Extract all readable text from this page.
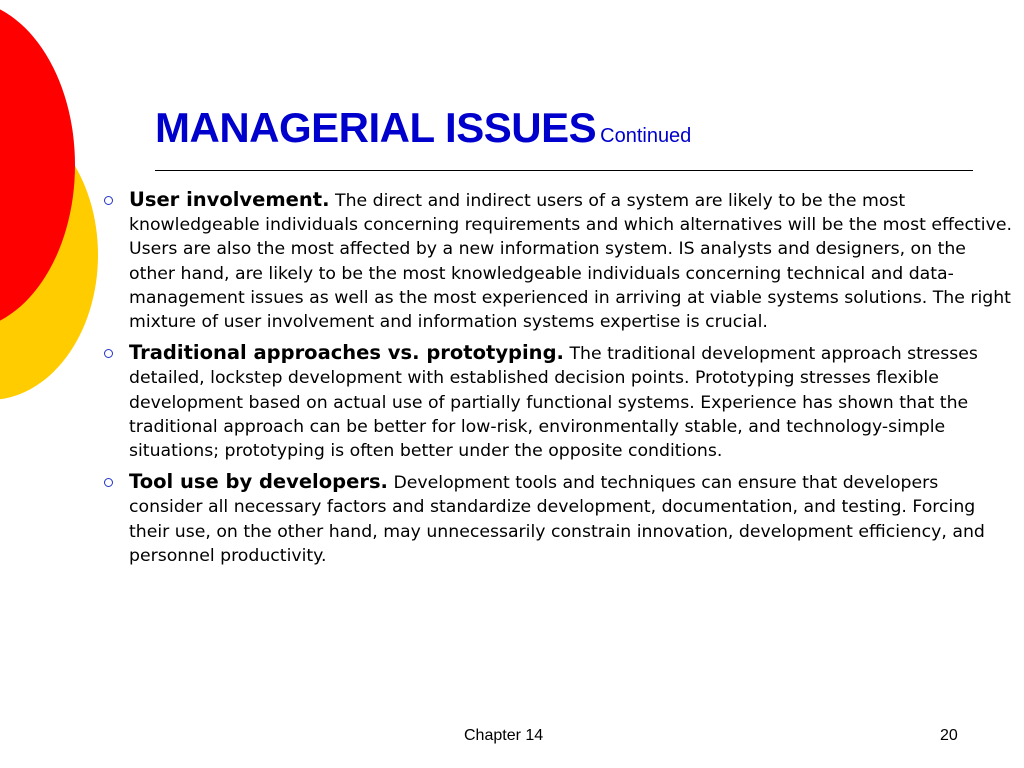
MANAGERIAL ISSUES Continued
User involvement. The direct and indirect users of a system are likely to be the most knowledgeable individuals concerning requirements and which alternatives will be the most effective. Users are also the most affected by a new information system. IS analysts and designers, on the other hand, are likely to be the most knowledgeable individuals concerning technical and data-management issues as well as the most experienced in arriving at viable systems solutions. The right mixture of user involvement and information systems expertise is crucial.
Traditional approaches vs. prototyping. The traditional development approach stresses detailed, lockstep development with established decision points. Prototyping stresses flexible development based on actual use of partially functional systems. Experience has shown that the traditional approach can be better for low-risk, environmentally stable, and technology-simple situations; prototyping is often better under the opposite conditions.
Tool use by developers. Development tools and techniques can ensure that developers consider all necessary factors and standardize development, documentation, and testing. Forcing their use, on the other hand, may unnecessarily constrain innovation, development efficiency, and personnel productivity.
Chapter 14	20
